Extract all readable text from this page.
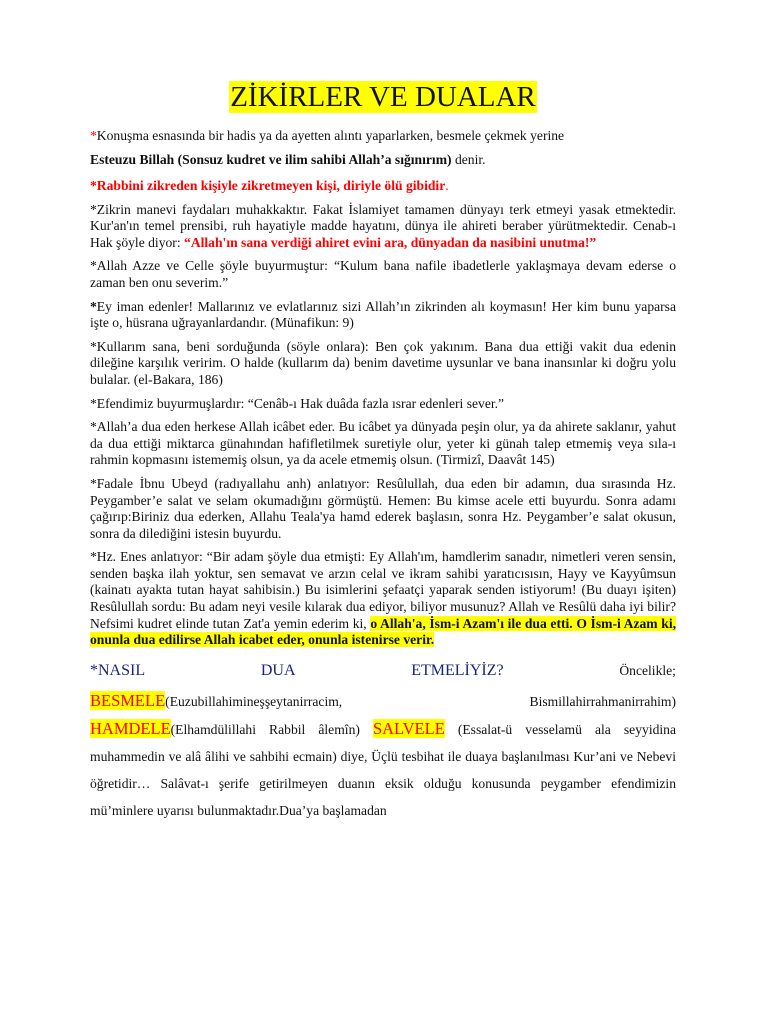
ZİKİRLER VE DUALAR

*Konuşma esnasında bir hadis ya da ayetten alıntı yaparlarken, besmele çekmek yerine

Esteuzu Billah (Sonsuz kudret ve ilim sahibi Allah’a sığınırım) denir.

*Rabbini zikreden kişiyle zikretmeyen kişi, diriyle ölü gibidir.

*Zikrin manevi faydaları muhakkaktır. Fakat İslamiyet tamamen dünyayı terk etmeyi yasak etmektedir. Kur'an'ın temel prensibi, ruh hayatiyle madde hayatını, dünya ile ahireti beraber yürütmektedir. Cenab-ı Hak şöyle diyor: “Allah'ın sana verdiği ahiret evini ara, dünyadan da nasibini unutma!”

*Allah Azze ve Celle şöyle buyurmuştur: “Kulum bana nafile ibadetlerle yaklaşmaya devam ederse o zaman ben onu severim.”

*Ey iman edenler! Mallarınız ve evlatlarınız sizi Allah’ın zikrinden alı koymasın! Her kim bunu yaparsa işte o, hüsrana uğrayanlardandır. (Münafikun: 9)

*Kullarım sana, beni sorduğunda (söyle onlara): Ben çok yakınım. Bana dua ettiği vakit dua edenin dileğine karşılık veririm. O halde (kullarım da) benim davetime uysunlar ve bana inansınlar ki doğru yolu bulalar. (el-Bakara, 186)

*Efendimiz buyurmuşlardır: “Cenâb-ı Hak duâda fazla ısrar edenleri sever.”

*Allah’a dua eden herkese Allah icâbet eder. Bu icâbet ya dünyada peşin olur, ya da ahirete saklanır, yahut da dua ettiği miktarca günahından hafifletilmek suretiyle olur, yeter ki günah talep etmemiş veya sıla-ı rahmin kopmasını istememiş olsun, ya da acele etmemiş olsun. (Tirmizî, Daavât 145)

*Fadale İbnu Ubeyd (radıyallahu anh) anlatıyor: Resûlullah, dua eden bir adamın, dua sırasında Hz. Peygamber’e salat ve selam okumadığını görmüştü. Hemen: Bu kimse acele etti buyurdu. Sonra adamı çağırıp:Biriniz dua ederken, Allahu Teala'ya hamd ederek başlasın, sonra Hz. Peygamber’e salat okusun, sonra da dilediğini istesin buyurdu.

*Hz. Enes anlatıyor: “Bir adam şöyle dua etmişti: Ey Allah'ım, hamdlerim sanadır, nimetleri veren sensin, senden başka ilah yoktur, sen semavat ve arzın celal ve ikram sahibi yaratıcısısın, Hayy ve Kayyûmsun (kainatı ayakta tutan hayat sahibisin.) Bu isimlerini şefaatçi yaparak senden istiyorum! (Bu duayı işiten) Resûlullah sordu: Bu adam neyi vesile kılarak dua ediyor, biliyor musunuz? Allah ve Resûlü daha iyi bilir? Nefsimi kudret elinde tutan Zat'a yemin ederim ki, o Allah'a, İsm-i Azam'ı ile dua etti. O İsm-i Azam ki, onunla dua edilirse Allah icabet eder, onunla istenirse verir.

*NASIL	DUA	ETMELİYİZ?	Öncelikle;
BESMELE(Euzubillahimineşşeytanirracim,	Bismillahirrahmanirrahim)

HAMDELE(Elhamdülillahi Rabbil âlemîn) SALVELE (Essalat-ü vesselamü ala seyyidina muhammedin ve alâ âlihi ve sahbihi ecmain) diye, Üçlü tesbihat ile duaya başlanılması Kur’ani ve Nebevi öğretidir… Salâvat-ı şerife getirilmeyen duanın eksik olduğu konusunda peygamber efendimizin mü’minlere uyarısı bulunmaktadır.Dua’ya başlamadan
